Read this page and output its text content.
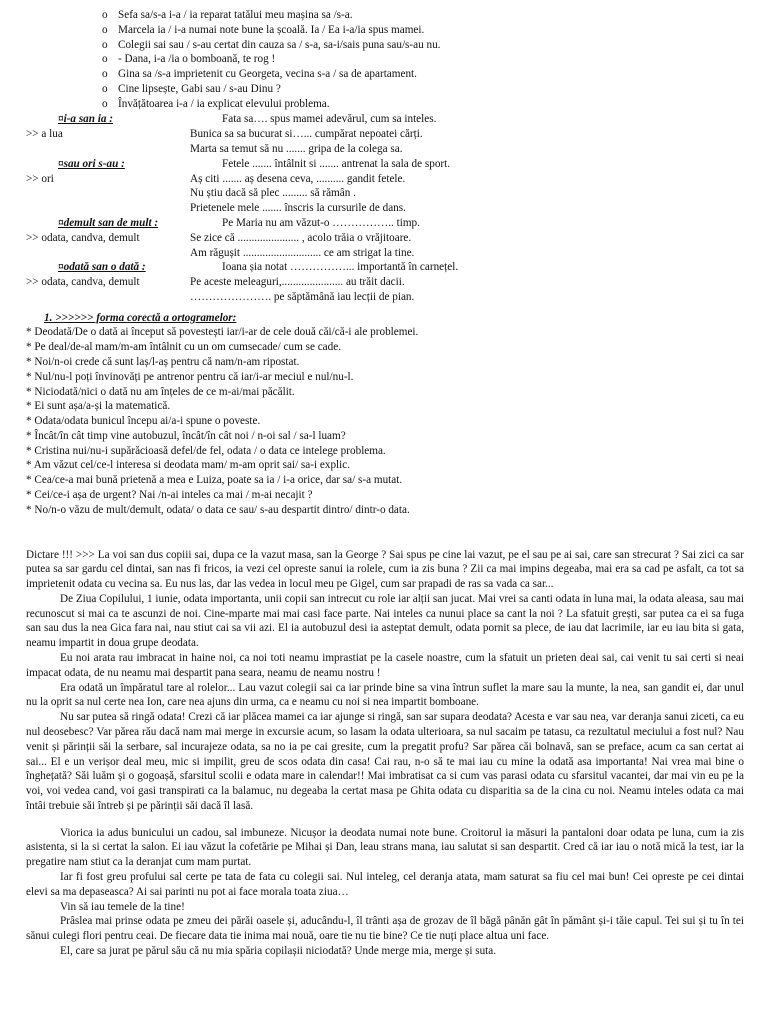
o Sefa sa/s-a i-a / ia reparat tatălui meu mașina sa /s-a.
o Marcela ia / i-a numai note bune la școală. Ia / Ea i-a/ia spus mamei.
o Colegii sai sau / s-au certat din cauza sa / s-a, sa-i/sais puna sau/s-au nu.
o - Dana, i-a /ia o bomboană, te rog !
o Gina sa /s-a imprietenit cu Georgeta, vecina s-a / sa de apartament.
o Cine lipsește, Gabi sau / s-au Dinu ?
o Învățătoarea i-a / ia explicat elevului problema.
¤i-a san ia :	Fata sa…. spus mamei adevărul, cum sa inteles.
>> a lua	Bunica sa sa bucurat si…... cumpărat nepoatei cărți.
Marta sa temut să nu ....... gripa de la colega sa.
¤sau ori s-au :	Fetele ....... întâlnit si ....... antrenat la sala de sport.
>> ori	Aș citi ....... aș desena ceva, .......... gandit fetele.
Nu știu dacă să plec ......... să rămân .
Prietenele mele ....... înscris la cursurile de dans.
¤demult san de mult :	Pe Maria nu am văzut-o …………….. timp.
>> odata, candva, demult	Se zice că ...................... , acolo trăia o vrăjitoare.
Am răgușit ............................ ce am strigat la tine.
¤odată san o dată :	Ioana șia notat ……………... importantă în carnețel.
>> odata, candva, demult	Pe aceste meleaguri,...................... au trăit dacii.
…………………. pe săptămână iau lecții de pian.
1. >>>>>> forma corectă a ortogramelor:

* Deodată/De o dată ai început să povestești iar/i-ar de cele două căi/că-i ale problemei.

* Pe deal/de-al mam/m-am întâlnit cu un om cumsecade/ cum se cade.

* Noi/n-oi crede că sunt laș/l-aș pentru că nam/n-am ripostat.

* Nul/nu-l poți învinovăți pe antrenor pentru că iar/i-ar meciul e nul/nu-l.

* Niciodată/nici o dată nu am înțeles de ce m-ai/mai păcălit.

* Ei sunt așa/a-și la matematică.

* Odata/odata bunicul începu ai/a-i spune o poveste.

* Încât/în cât timp vine autobuzul, încât/în cât noi / n-oi sal / sa-l luam?

* Cristina nui/nu-i supărăcioasă defel/de fel, odata / o data ce intelege problema.

* Am văzut cel/ce-l interesa si deodata mam/ m-am oprit sai/ sa-i explic.

* Cea/ce-a mai bună prietenă a mea e Luiza, poate sa ia / i-a orice, dar sa/ s-a mutat.

* Cei/ce-i așa de urgent? Nai /n-ai inteles ca mai / m-ai necajit ?

* No/n-o văzu de mult/demult, odata/ o data ce sau/ s-au despartit dintro/ dintr-o data.

Dictare !!! >>> La voi san dus copiii sai, dupa ce la vazut masa, san la George ? Sai spus pe cine lai vazut, pe el sau pe ai sai, care san strecurat ? Sai zici ca sar putea sa sar gardu cel dintai, san nas fi fricos, ia vezi cel opreste sanui ia rolele, cum ia zis buna ? Zii ca mai impins degeaba, mai era sa cad pe asfalt, ca tot sa imprietenit odata cu vecina sa. Eu nus las, dar las vedea in locul meu pe Gigel, cum sar prapadi de ras sa vada ca sar...

De Ziua Copilului, 1 iunie, odata importanta, unii copii san intrecut cu role iar alții san jucat. Mai vrei sa canti odata in luna mai, la odata aleasa, sau mai recunoscut si mai ca te ascunzi de noi. Cine-mparte mai mai casi face parte. Nai inteles ca nunui place sa cant la noi ? La sfatuit grești, sar putea ca ei sa fuga san sau dus la nea Gica fara nai, nau stiut cai sa vii azi. El ia autobuzul desi ia asteptat demult, odata pornit sa plece, de iau dat lacrimile, iar eu iau bita si gata, neamu impartit in doua grupe deodata.

Eu noi arata rau imbracat in haine noi, ca noi toti neamu imprastiat pe la casele noastre, cum la sfatuit un prieten deai sai, cai venit tu sai certi si neai impacat odata, de nu neamu mai despartit pana seara, neamu de neamu nostru !

Era odată un împăratul tare al rolelor... Lau vazut colegii sai ca iar prinde bine sa vina întrun suflet la mare sau la munte, la nea, san gandit ei, dar unul nu la oprit sa nul certe nea Ion, care nea ajuns din urma, ca e neamu cu noi si nea impartit bomboane.

Nu sar putea să ringă odata! Crezi că iar plăcea mamei ca iar ajunge si ringă, san sar supara deodata? Acesta e var sau nea, var deranja sanui ziceti, ca eu nul deosebesc? Var părea rău dacă nam mai merge in excursie acum, so lasam la odata ulterioara, sa nul sacaim pe tatasu, ca rezultatul meciului a fost nul? Nau venit și părinții săi la serbare, sal incurajeze odata, sa no ia pe cai gresite, cum la pregatit profu? Sar părea căi bolnavă, san se preface, acum ca san certat ai sai... El e un verișor deal meu, mic si impilit, greu de scos odata din casa! Cai rau, n-o să te mai iau cu mine la odată asa importanta! Nai vrea mai bine o înghețată? Săi luăm și o gogoașă, sfarsitul scolii e odata mare in calendar!! Mai imbratisat ca si cum vas parasi odata cu sfarsitul vacantei, dar mai vin eu pe la voi, voi vedea cand, voi gasi transpirati ca la balamuc, nu degeaba la certat masa pe Ghita odata cu disparitia sa de la cina cu noi. Neamu inteles odata ca mai întâi trebuie săi întreb și pe părinții săi dacă îl lasă.

Viorica ia adus bunicului un cadou, sal imbuneze. Nicușor ia deodata numai note bune. Croitorul ia măsuri la pantaloni doar odata pe luna, cum ia zis asistenta, si la si certat la salon. Ei iau văzut la cofetărie pe Mihai și Dan, leau strans mana, iau salutat si san despartit. Cred că iar iau o notă mică la test, iar la pregatire nam stiut ca la deranjat cum mam purtat.

Iar fi fost greu profului sal certe pe tata de fata cu colegii sai. Nul inteleg, cel deranja atata, mam saturat sa fiu cel mai bun! Cei opreste pe cei dintai elevi sa ma depaseasca? Ai sai parinti nu pot ai face morala toata ziua…

Vin să iau temele de la tine!

Prâslea mai prinse odata pe zmeu dei părăi oasele și, aducându-l, îl trânti așa de grozav de îl băgă pânăn gât în pământ și-i tăie capul. Tei sui și tu în tei sănui culegi flori pentru ceai. De fiecare data tie inima mai nouă, oare tie nu tie bine? Ce tie nuți place altua uni face.

El, care sa jurat pe părul său că nu mia spăria copilașii niciodată? Unde merge mia, merge și suta.
